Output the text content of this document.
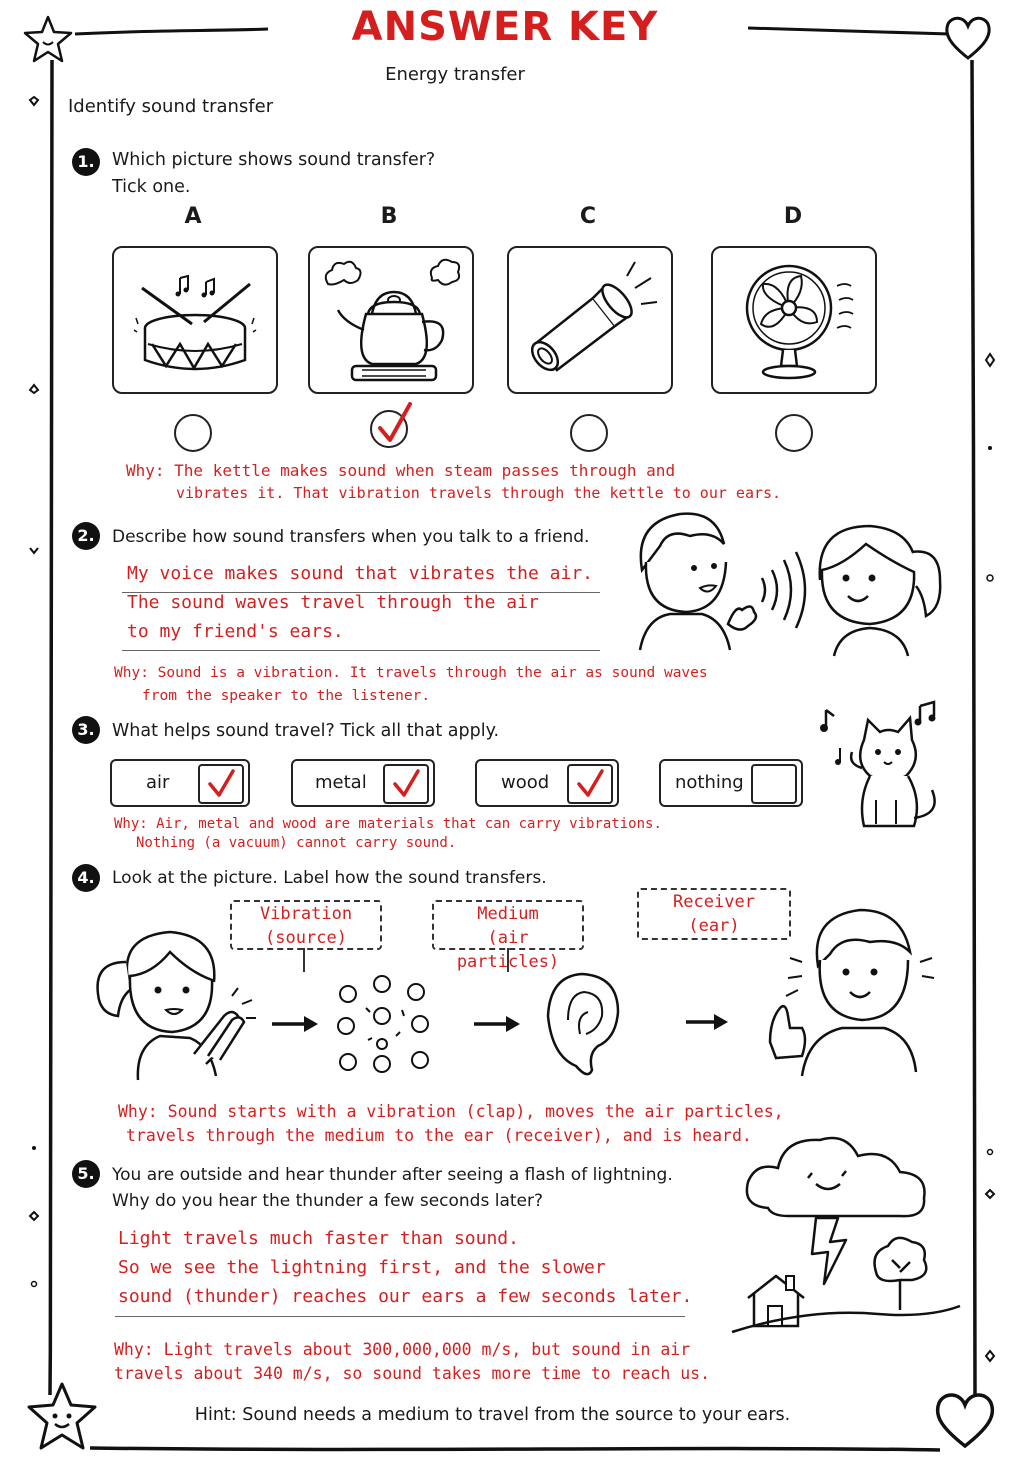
ANSWER KEY
Energy transfer
Identify sound transfer
1. Which picture shows sound transfer?
Tick one.
A	B	C	D
Why: The kettle makes sound when steam passes through and
vibrates it. That vibration travels through the kettle to our ears.
2.	Describe how sound transfers when you talk to a friend.
My voice makes sound that vibrates the air.
The sound waves travel through the air
to my friend's ears.
Why: Sound is a vibration. It travels through the air as sound waves
from the speaker to the listener.
3. What helps sound travel? Tick all that apply.
air	metal	wood	nothing
Why: Air, metal and wood are materials that can carry vibrations.
Nothing (a vacuum) cannot carry sound.
4.	Look at the picture. Label how the sound transfers.
Vibration
(source)
Medium
(air particles)
Receiver
(ear)
Why: Sound starts with a vibration (clap), moves the air particles,
travels through the medium to the ear (receiver), and is heard.
5.	You are outside and hear thunder after seeing a flash of lightning.
Why do you hear the thunder a few seconds later?
Light travels much faster than sound.
So we see the lightning first, and the slower
sound (thunder) reaches our ears a few seconds later.
Why: Light travels about 300,000,000 m/s, but sound in air
travels about 340 m/s, so sound takes more time to reach us.
Hint: Sound needs a medium to travel from the source to your ears.
